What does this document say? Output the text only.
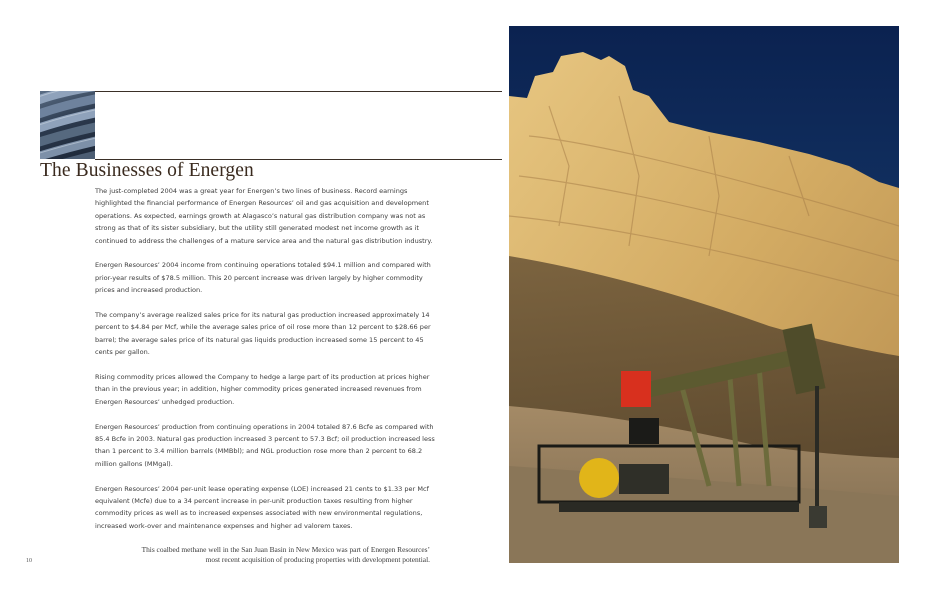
The Businesses of Energen

The just-completed 2004 was a great year for Energen’s two lines of business. Record earnings highlighted the financial performance of Energen Resources’ oil and gas acquisition and development operations. As expected, earnings growth at Alagasco’s natural gas distribution company was not as strong as that of its sister subsidiary, but the utility still generated modest net income growth as it continued to address the challenges of a mature service area and the natural gas distribution industry.

Energen Resources’ 2004 income from continuing operations totaled $94.1 million and compared with prior-year results of $78.5 million. This 20 percent increase was driven largely by higher commodity prices and increased production.

The company’s average realized sales price for its natural gas production increased approximately 14 percent to $4.84 per Mcf, while the average sales price of oil rose more than 12 percent to $28.66 per barrel; the average sales price of its natural gas liquids production increased some 15 percent to 45 cents per gallon.

Rising commodity prices allowed the Company to hedge a large part of its production at prices higher than in the previous year; in addition, higher commodity prices generated increased revenues from Energen Resources’ unhedged production.

Energen Resources’ production from continuing operations in 2004 totaled 87.6 Bcfe as compared with 85.4 Bcfe in 2003. Natural gas production increased 3 percent to 57.3 Bcf; oil production increased less than 1 percent to 3.4 million barrels (MMBbl); and NGL production rose more than 2 percent to 68.2 million gallons (MMgal).

Energen Resources’ 2004 per-unit lease operating expense (LOE) increased 21 cents to $1.33 per Mcf equivalent (Mcfe) due to a 34 percent increase in per-unit production taxes resulting from higher commodity prices as well as to increased expenses associated with new environmental regulations, increased work-over and maintenance expenses and higher ad valorem taxes.

This coalbed methane well in the San Juan Basin in New Mexico was part of Energen Resources’
most recent acquisition of producing properties with development potential.
10
